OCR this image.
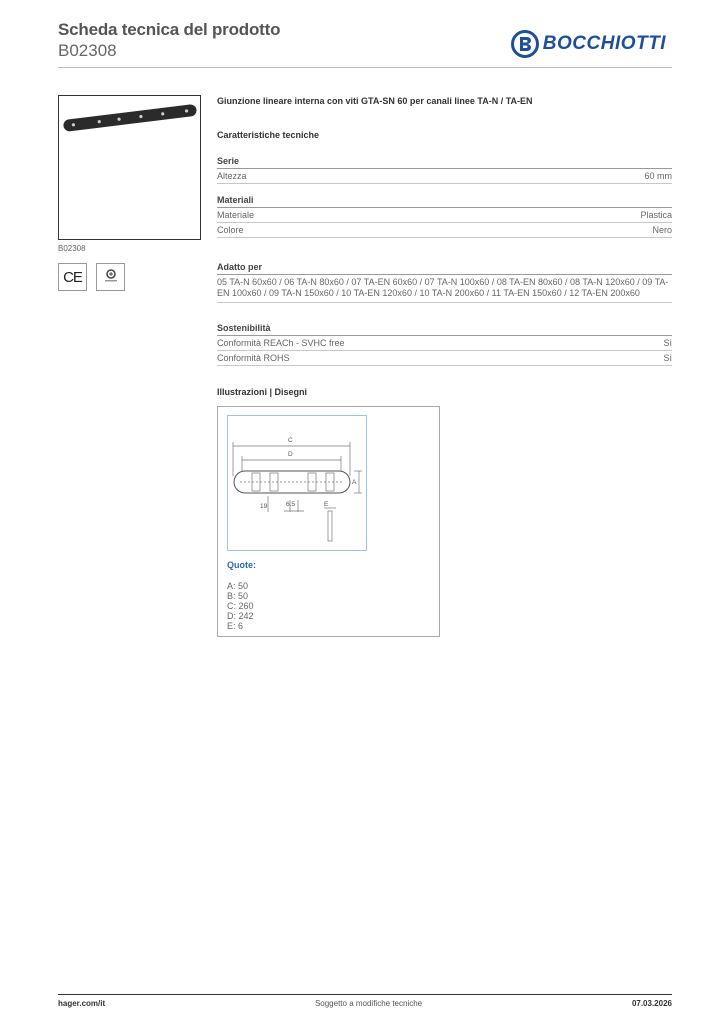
Scheda tecnica del prodotto
B02308	BOCCHIOTTI
B02308
CE
Giunzione lineare interna con viti GTA-SN 60 per canali linee TA-N / TA-EN
Caratteristiche tecniche
Serie
Altezza	60 mm
Materiali
Materiale	Plastica
Colore	Nero
Adatto per
05 TA-N 60x60 / 06 TA-N 80x60 / 07 TA-EN 60x60 / 07 TA-N 100x60 / 08 TA-EN 80x60 / 08 TA-N 120x60 / 09 TA-EN 100x60 / 09 TA-N 150x60 / 10 TA-EN 120x60 / 10 TA-N 200x60 / 11 TA-EN 150x60 / 12 TA-EN 200x60
Sostenibilità
Conformità REACh - SVHC free	Sì
Conformità ROHS	Sì
Illustrazioni | Disegni
C
D
A
19	6.5	E
Quote:
A: 50
B: 50
C: 260
D: 242
E: 6
hager.com/it	Soggetto a modifiche tecniche	07.03.2026
